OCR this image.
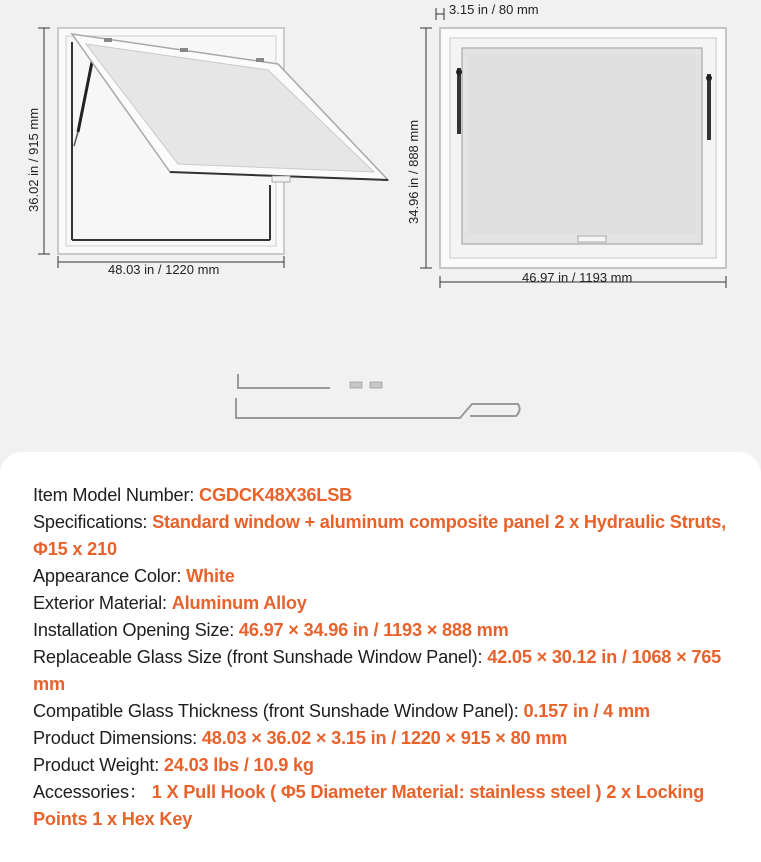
48.03 in / 1220 mm
36.02 in / 915 mm
3.15 in / 80 mm
34.96 in / 888 mm
46.97 in / 1193 mm
Item Model Number: CGDCK48X36LSB
Specifications: Standard window + aluminum composite panel 2 x Hydraulic Struts, Φ15 x 210
Appearance Color: White
Exterior Material: Aluminum Alloy
Installation Opening Size: 46.97 × 34.96 in / 1193 × 888 mm
Replaceable Glass Size (front Sunshade Window Panel): 42.05 × 30.12 in / 1068 × 765 mm
Compatible Glass Thickness (front Sunshade Window Panel): 0.157 in / 4 mm
Product Dimensions: 48.03 × 36.02 × 3.15 in / 1220 × 915 × 80 mm
Product Weight: 24.03 lbs / 10.9 kg
Accessories： 1 X Pull Hook ( Φ5 Diameter Material: stainless steel ) 2 x Locking Points 1 x Hex Key
